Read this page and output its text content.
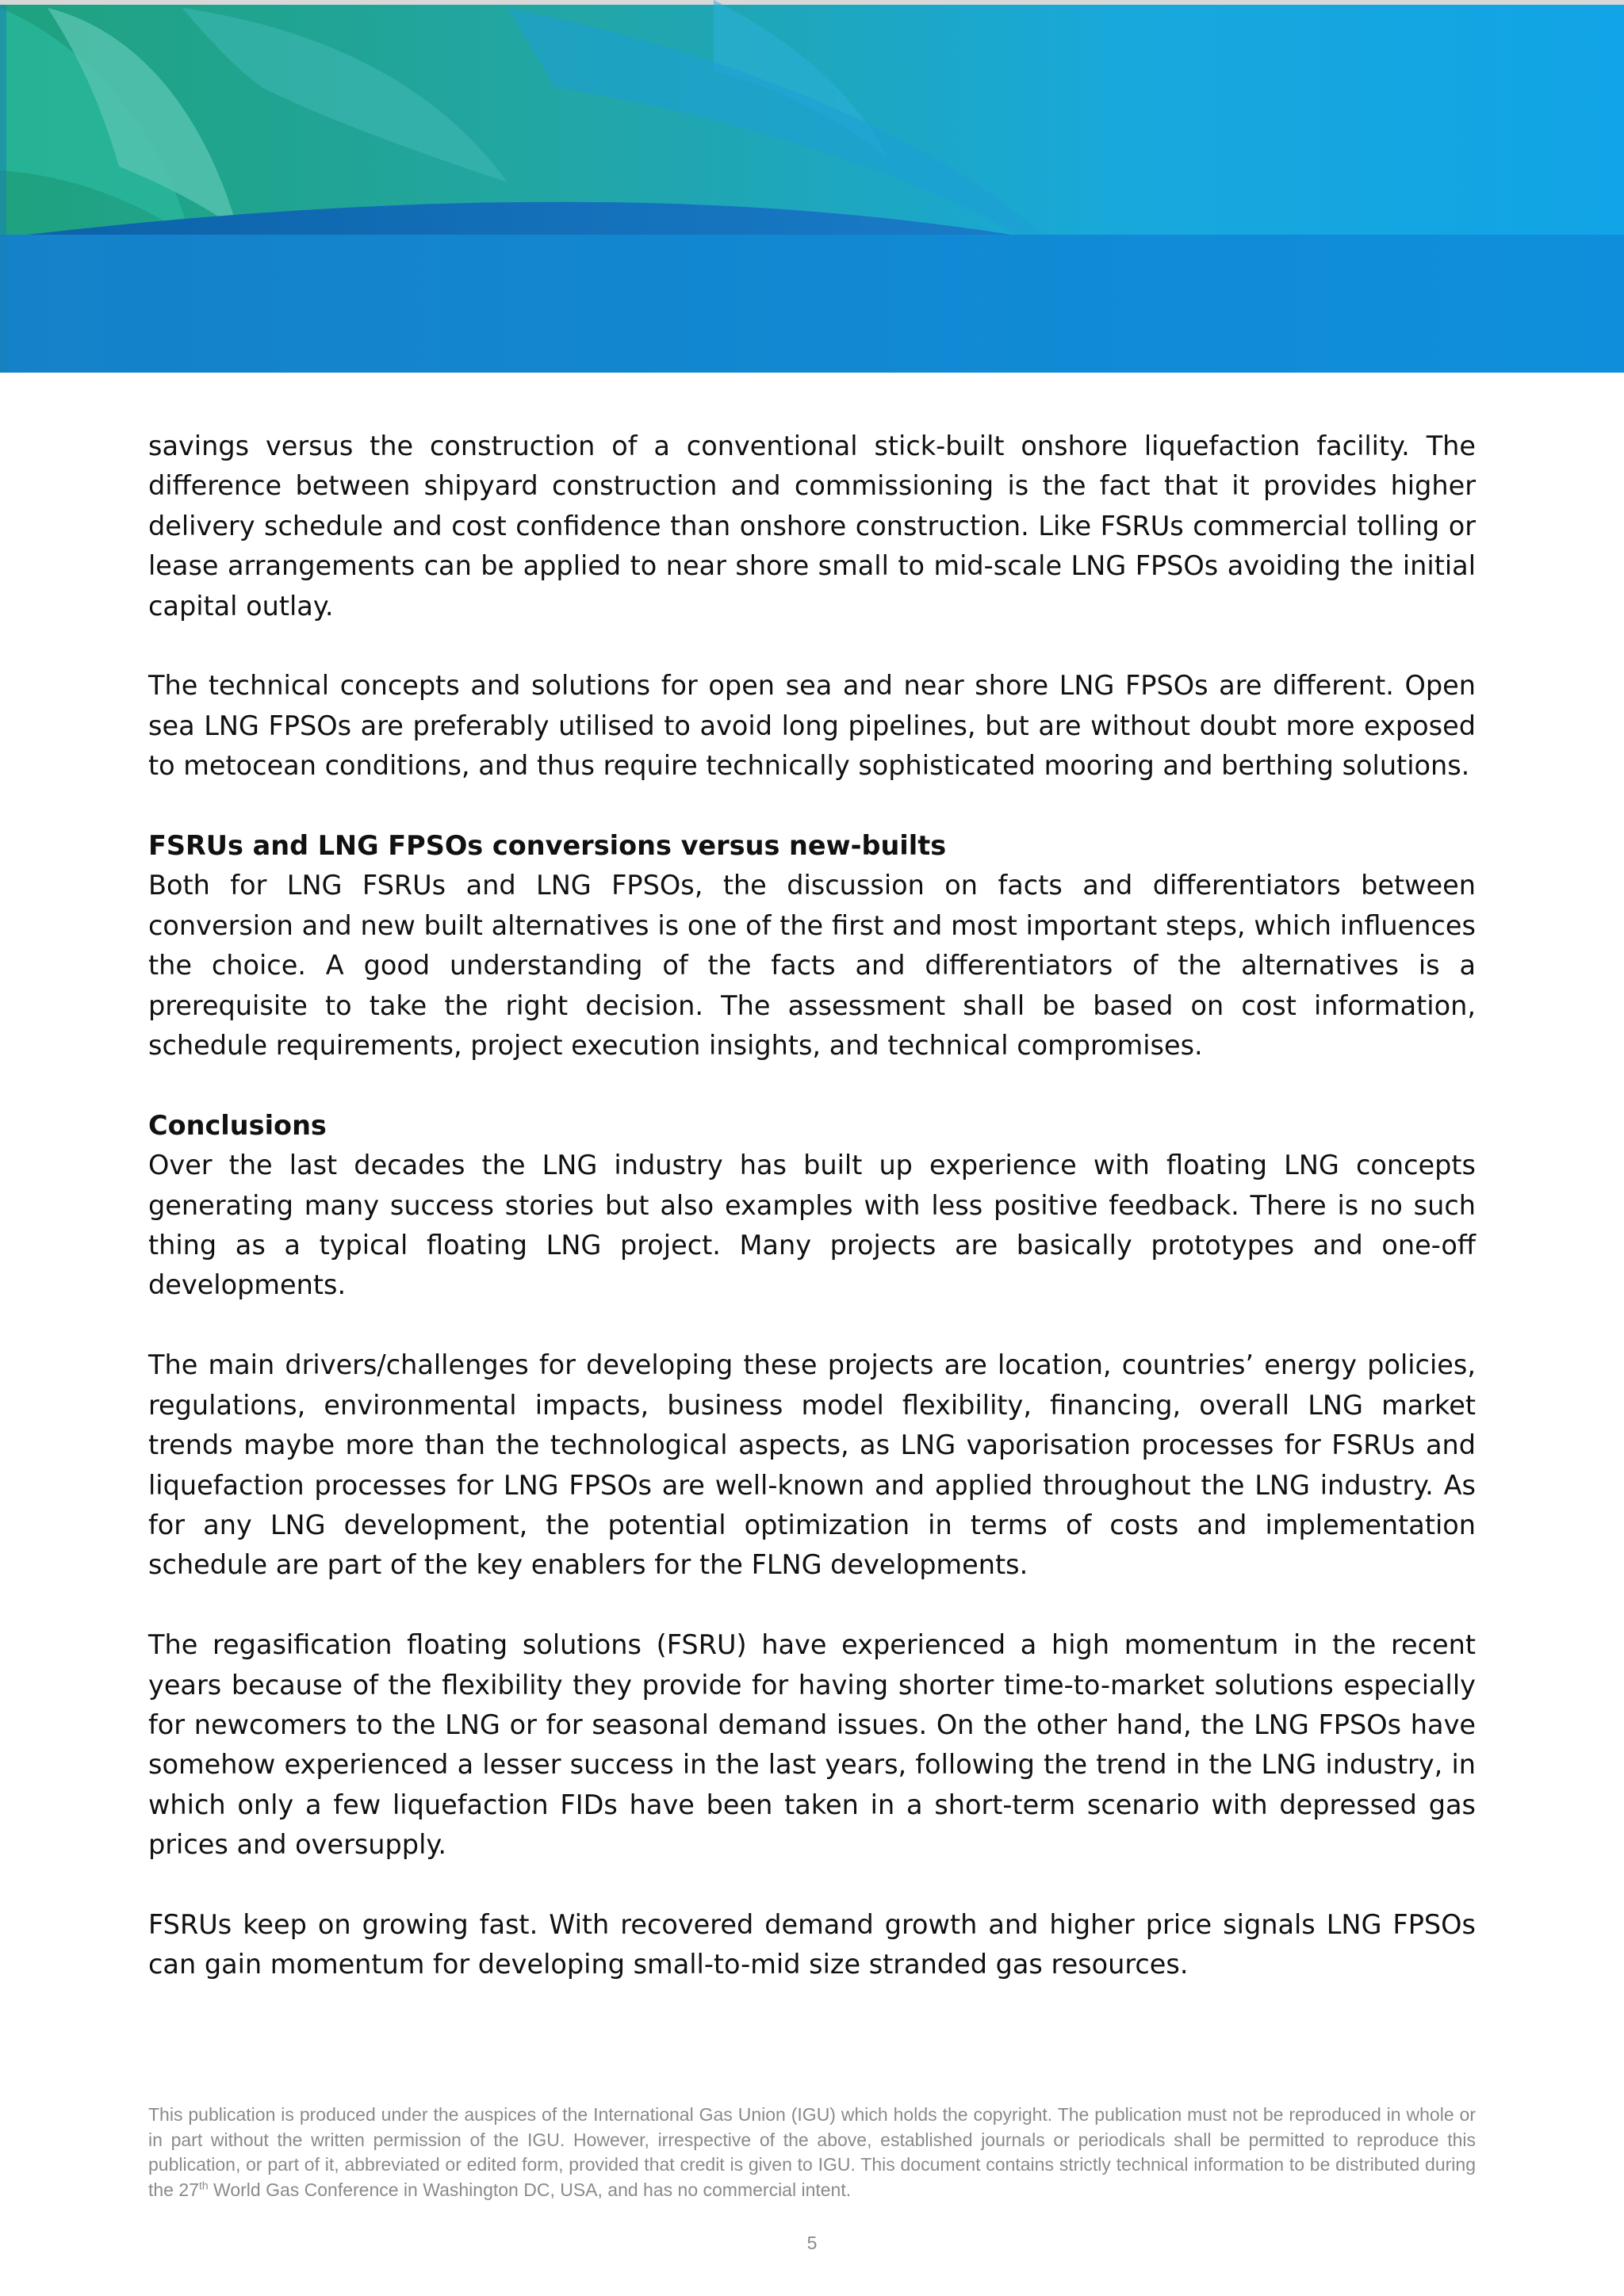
savings versus the construction of a conventional stick-built onshore liquefaction facility. The difference between shipyard construction and commissioning is the fact that it provides higher delivery schedule and cost confidence than onshore construction. Like FSRUs commercial tolling or lease arrangements can be applied to near shore small to mid-scale LNG FPSOs avoiding the initial capital outlay.

The technical concepts and solutions for open sea and near shore LNG FPSOs are different. Open sea LNG FPSOs are preferably utilised to avoid long pipelines, but are without doubt more exposed to metocean conditions, and thus require technically sophisticated mooring and berthing solutions.

FSRUs and LNG FPSOs conversions versus new-builts

Both for LNG FSRUs and LNG FPSOs, the discussion on facts and differentiators between conversion and new built alternatives is one of the first and most important steps, which influences the choice. A good understanding of the facts and differentiators of the alternatives is a prerequisite to take the right decision. The assessment shall be based on cost information, schedule requirements, project execution insights, and technical compromises.

Conclusions

Over the last decades the LNG industry has built up experience with floating LNG concepts generating many success stories but also examples with less positive feedback. There is no such thing as a typical floating LNG project. Many projects are basically prototypes and one-off developments.

The main drivers/challenges for developing these projects are location, countries’ energy policies, regulations, environmental impacts, business model flexibility, financing, overall LNG market trends maybe more than the technological aspects, as LNG vaporisation processes for FSRUs and liquefaction processes for LNG FPSOs are well-known and applied throughout the LNG industry. As for any LNG development, the potential optimization in terms of costs and implementation schedule are part of the key enablers for the FLNG developments.

The regasification floating solutions (FSRU) have experienced a high momentum in the recent years because of the flexibility they provide for having shorter time-to-market solutions especially for newcomers to the LNG or for seasonal demand issues. On the other hand, the LNG FPSOs have somehow experienced a lesser success in the last years, following the trend in the LNG industry, in which only a few liquefaction FIDs have been taken in a short-term scenario with depressed gas prices and oversupply.

FSRUs keep on growing fast. With recovered demand growth and higher price signals LNG FPSOs can gain momentum for developing small-to-mid size stranded gas resources.

This publication is produced under the auspices of the International Gas Union (IGU) which holds the copyright. The publication must not be reproduced in whole or in part without the written permission of the IGU. However, irrespective of the above, established journals or periodicals shall be permitted to reproduce this publication, or part of it, abbreviated or edited form, provided that credit is given to IGU. This document contains strictly technical information to be distributed during the 27th World Gas Conference in Washington DC, USA, and has no commercial intent.
5
